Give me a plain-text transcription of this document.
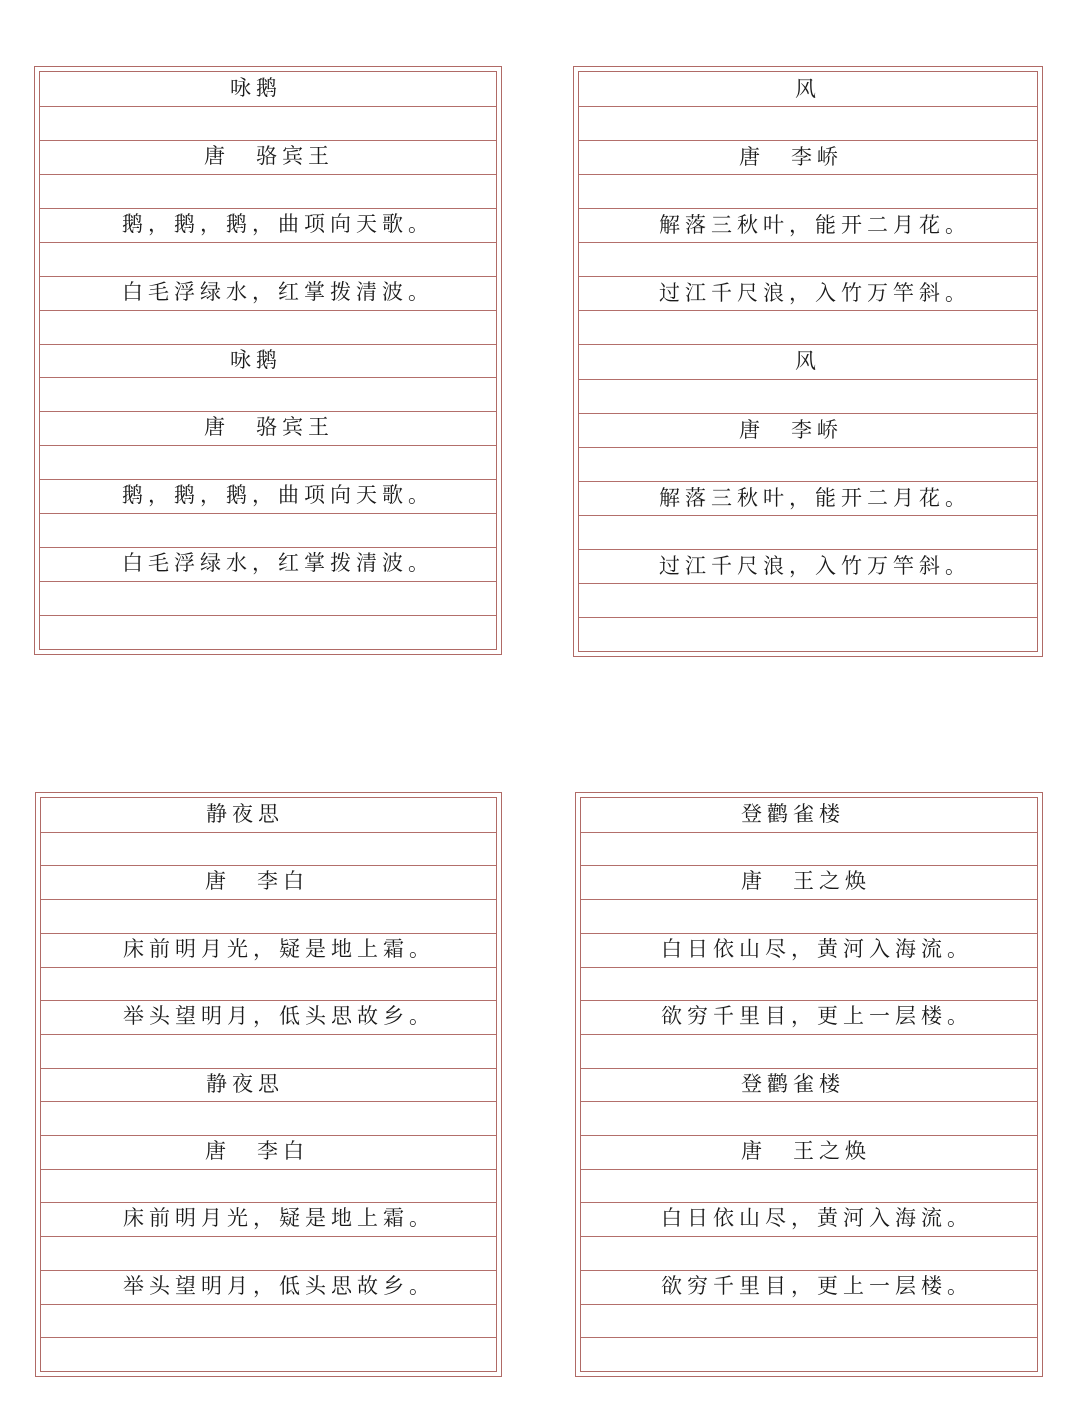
咏鹅
唐　骆宾王
鹅，鹅，鹅，曲项向天歌。
白毛浮绿水，红掌拨清波。
咏鹅
唐　骆宾王
鹅，鹅，鹅，曲项向天歌。
白毛浮绿水，红掌拨清波。
风
唐　李峤
解落三秋叶，能开二月花。
过江千尺浪，入竹万竿斜。
风
唐　李峤
解落三秋叶，能开二月花。
过江千尺浪，入竹万竿斜。
静夜思
唐　李白
床前明月光，疑是地上霜。
举头望明月，低头思故乡。
静夜思
唐　李白
床前明月光，疑是地上霜。
举头望明月，低头思故乡。
登鹳雀楼
唐　王之焕
白日依山尽，黄河入海流。
欲穷千里目，更上一层楼。
登鹳雀楼
唐　王之焕
白日依山尽，黄河入海流。
欲穷千里目，更上一层楼。
